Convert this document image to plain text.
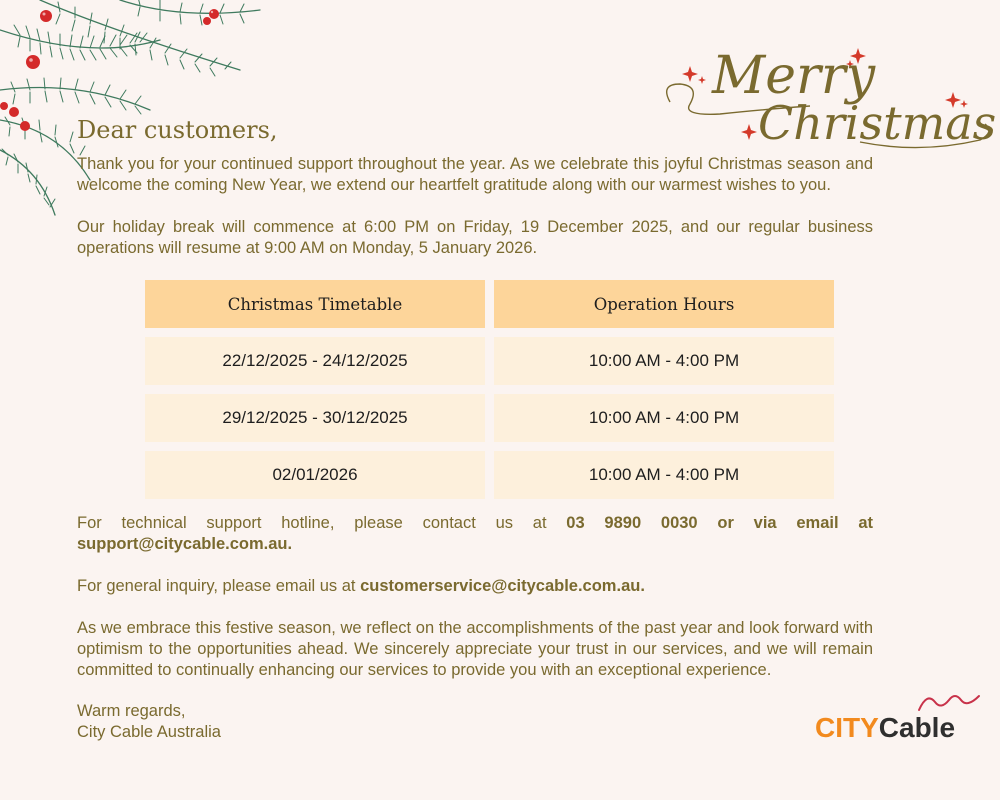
Merry
Christmas
Dear customers,

Thank you for your continued support throughout the year. As we celebrate this joyful Christmas season and welcome the coming New Year, we extend our heartfelt gratitude along with our warmest wishes to you.

Our holiday break will commence at 6:00 PM on Friday, 19 December 2025, and our regular business operations will resume at 9:00 AM on Monday, 5 January 2026.

Christmas Timetable	Operation Hours
22/12/2025 - 24/12/2025	10:00 AM - 4:00 PM
29/12/2025 - 30/12/2025	10:00 AM - 4:00 PM
02/01/2026	10:00 AM - 4:00 PM

For technical support hotline, please contact us at 03 9890 0030 or via email at support@citycable.com.au.

For general inquiry, please email us at customerservice@citycable.com.au.

As we embrace this festive season, we reflect on the accomplishments of the past year and look forward with optimism to the opportunities ahead. We sincerely appreciate your trust in our services, and we will remain committed to continually enhancing our services to provide you with an exceptional experience.

Warm regards,
City Cable Australia	CITYCable
